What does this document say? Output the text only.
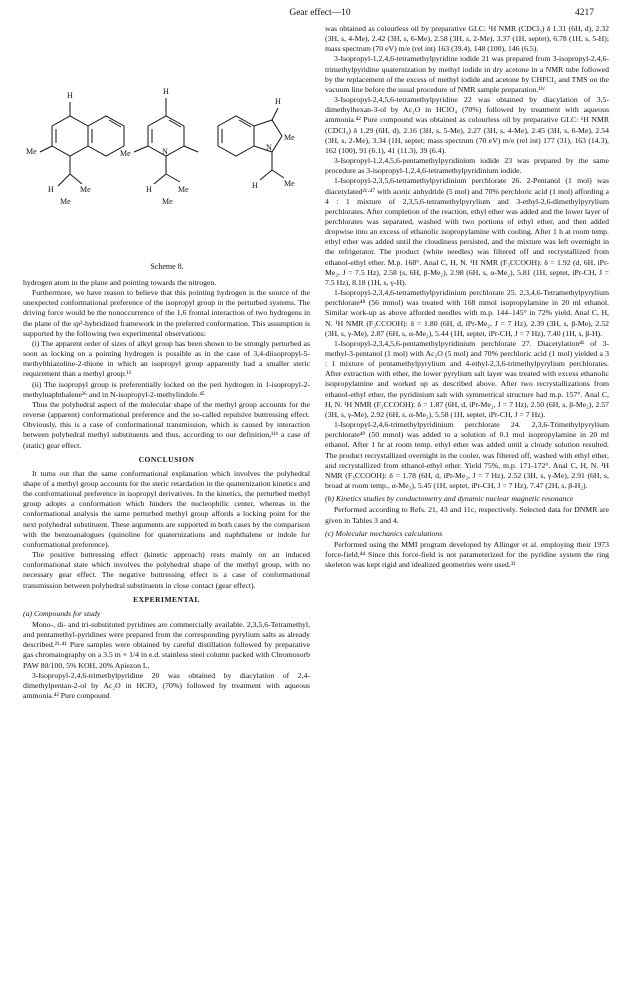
Gear effect—10	4217
H
Me
H	Me
Me
H
Me	N
H	Me
Me
H
Me
N
H	Me
Scheme 8.

hydrogen atom in the plane and pointing towards the nitrogen.

Furthermore, we have reason to believe that this pointing hydrogen is the source of the unexpected conformational preference of the isopropyl group in the perturbed systems. The driving force would be the nonoccurrence of the 1,6 frontal interaction of two hydrogens in the plane of the sp²-hybridized framework in the preferred conformation. This assumption is supported by the following two experimental observations:

(i) The apparent order of sizes of alkyl group has been shown to be strongly perturbed as soon as locking on a pointing hydrogen is possible as in the case of 3,4-diisopropyl-5-methylthiazoline-2-thione in which an isopropyl group apparently had a smaller steric requirement than a methyl group.¹¹

(ii) The isopropyl group is preferentially locked on the peri hydrogen in 1-isopropyl-2-methylnaphthalene³⁶ and in N-isopropyl-2-methylindole.⁴⁵

Thus the polyhedral aspect of the molecular shape of the methyl group accounts for the reverse (apparent) conformational preference and the so-called repulsive buttressing effect. Obviously, this is a case of conformational transmission, which is caused by interaction between polyhedral methyl substituents and thus, according to our definition,¹¹ᵇ a case of (static) gear effect.

CONCLUSION

It turns out that the same conformational explanation which involves the polyhedral shape of a methyl group accounts for the steric retardation in the quaternization kinetics and the conformational preference in isopropyl derivatives. In the kinetics, the perturbed methyl group adopts a conformation which hinders the nucleophilic center, whereas in the conformational analysis the same perturbed methyl group affords a locking point for the next polyhedral substituent. These arguments are supported in both cases by the comparison with the benzoanalogues (quinoline for quaternizations and naphthalene or indole for conformational preference).

The positive buttressing effect (kinetic approach) rests mainly on an induced conformational state which involves the polyhedral shape of the methyl group, with no necessary gear effect. The negative buttressing effect is a case of conformational transmission between polyhedral substituents in close contact (gear effect).

EXPERIMENTAL
(a) Compounds for study

Mono-, di- and tri-substituted pyridines are commercially available. 2,3,5,6-Tetramethyl, and pentamethyl-pyridines were prepared from the corresponding pyrylium salts as already described.²¹·⁴¹ Pure samples were obtained by careful distillation followed by preparative gas chromatography on a 3.5 m × 1/4 in e.d. stainless steel column packed with Chromosorb PAW 80/100, 5% KOH, 20% Apiezon L.

3-Isopropyl-2,4,6-trimethylpyridine 20 was obtained by diacylation of 2,4-dimethylpentan-2-ol by Ac₂O in HClO₄ (70%) followed by treatment with aqueous ammonia.⁴² Pure compound

was obtained as colourless oil by preparative GLC: ¹H NMR (CDCl₃) δ 1.31 (6H, d), 2.32 (3H, s, 4-Me), 2.42 (3H, s, 6-Me), 2.58 (3H, s, 2-Me), 3.37 (1H, septet), 6.78 (1H, s, 5-H); mass spectrum (70 eV) m/e (rel int) 163 (39.4), 148 (100), 146 (6.5).

3-Isopropyl-1,2,4,6-tetramethylpyridine iodide 21 was prepared from 3-isopropyl-2,4,6-trimethylpyridine quaternization by methyl iodide in dry acetone in a NMR tube followed by the replacement of the excess of methyl iodide and acetone by CHFCl₂ and TMS on the vacuum line before the usual procedure of NMR sample preparation.¹¹ᶜ

3-Isopropyl-2,4,5,6-tetramethylpyridine 22 was obtained by diacylation of 3,5-dimethylhexan-3-ol by Ac₂O in HClO₄ (70%) followed by treatment with aqueous ammonia.⁴² Pure compound was obtained as colourless oil by preparative GLC: ¹H NMR (CDCl₃) δ 1.29 (6H, d), 2.16 (3H, s, 5-Me), 2.27 (3H, s, 4-Me), 2.45 (3H, s, 6-Me), 2.54 (3H, s, 2-Me), 3.34 (1H, septet; mass spectrum (70 eV) m/e (rel int) 177 (31), 163 (14.3), 162 (100), 91 (6.1), 41 (11.3), 39 (6.4).

3-Isopropyl-1,2,4,5,6-pentamethylpyridinium iodide 23 was prepared by the same procedure as 3-isopropyl-1,2,4,6-tetramethylpyridinium iodide.

1-Isopropyl-2,3,5,6-tetramethylpyridinium perchlorate 26. 2-Pentanol (1 mol) was diacetylated²¹·⁴⁷ with acetic anhydride (5 mol) and 70% perchloric acid (1 mol) affording a 4 : 1 mixture of 2,3,5,6-tetramethylpyrylium and 3-ethyl-2,6-dimethylpyrylium perchlorates. After completion of the reaction, ethyl ether was added and the lower layer of perchlorates was separated, washed with two portions of ethyl ether, and then added dropwise into an excess of ethanolic isopropylamine with cooling. After 1 h at room temp. ethyl ether was added until the cloudiness persisted, and the mixture was left overnight in the refrigerator. The product (white needles) was filtered off and recrystallized from ethanol-ethyl ether. M.p. 168°. Anal C, H, N. ¹H NMR (F₃CCOOH): δ = 1.92 (d, 6H, iPr-Me₂, J = 7.5 Hz), 2.58 (s, 6H, β-Me₂), 2.98 (6H, s, α-Me₂), 5.81 (1H, septet, iPr-CH, J = 7.5 Hz), 8.18 (1H, s, γ-H).

1-Isopropyl-2,3,4,6-tetramethylpyridinium perchlorate 25. 2,3,4,6-Tetramethylpyrylium perchlorate⁴⁸ (56 mmol) was treated with 168 mmol isopropylamine in 20 ml ethanol. Similar work-up as above afforded needles with m.p. 144–145° in 72% yield. Anal C, H, N. ¹H NMR (F₃CCOOH): δ = 1.80 (6H, d, iPr-Me₂, J = 7 Hz), 2.39 (3H, s, β-Me), 2.52 (3H, s, γ-Me), 2.87 (6H, s, α-Me₂), 5.44 (1H, septet, iPr-CH, J = 7 Hz), 7.40 (1H, s, β-H).

1-Isopropyl-2,3,4,5,6-pentamethylpyridinium perchlorate 27. Diacetylation⁴¹ of 3-methyl-3-pentanol (1 mol) with Ac₂O (5 mol) and 70% perchloric acid (1 mol) yielded a 3 : 1 mixture of pentamethylpyrylium and 4-ethyl-2,3,6-trimethylpyrylium perchlorates. After extraction with ether, the lower pyrylium salt layer was treated with excess ethanolic isopropylamine and worked up as described above. After two recrystallizations from ethanol-ethyl ether, the pyridinium salt with symmetrical structure had m.p. 157°. Anal C, H, N. ¹H NMR (F₃CCOOH): δ = 1.87 (6H, d, iPr-Me₂, J = 7 Hz), 2.50 (6H, s, β-Me₂), 2.57 (3H, s, γ-Me), 2.92 (6H, s, α-Me₂), 5.58 (1H, septet, iPr-CH, J = 7 Hz).

1-Isopropyl-2,4,6-trimethylpyridinium perchlorate 24. 2,3,6-Trimethylpyrylium perchlorate⁴⁹ (50 mmol) was added to a solution of 0.1 mol isopropylamine in 20 ml ethanol. After 1 hr at room temp. ethyl ether was added until a cloudy solution resulted. The product recrystallized overnight in the cooler, was filtered off, washed with ethyl ether, and recrystallized from ethanol-ethyl ether. Yield 75%, m.p. 171-172°. Anal C, H, N. ¹H NMR (F₃CCOOH): δ = 1.78 (6H, d, iPr-Me₂, J = 7 Hz), 2.52 (3H, s, γ-Me), 2.91 (6H, s, broad at room temp., α-Me₂), 5.45 (1H, septet, iPr-CH, J = 7 Hz), 7.47 (2H, s, β-H₂).

(b) Kinetics studies by conductometry and dynamic nuclear magnetic resonance

Performed according to Refs. 21, 43 and 11c, respectively. Selected data for DNMR are given in Tables 3 and 4.

(c) Molecular mechanics calculations

Performed using the MMI program developed by Allinger et al. employing their 1973 force-field.⁴⁴ Since this force-field is not parameterized for the pyridine system the ring skeleton was kept rigid and idealized geometries were used.³³
